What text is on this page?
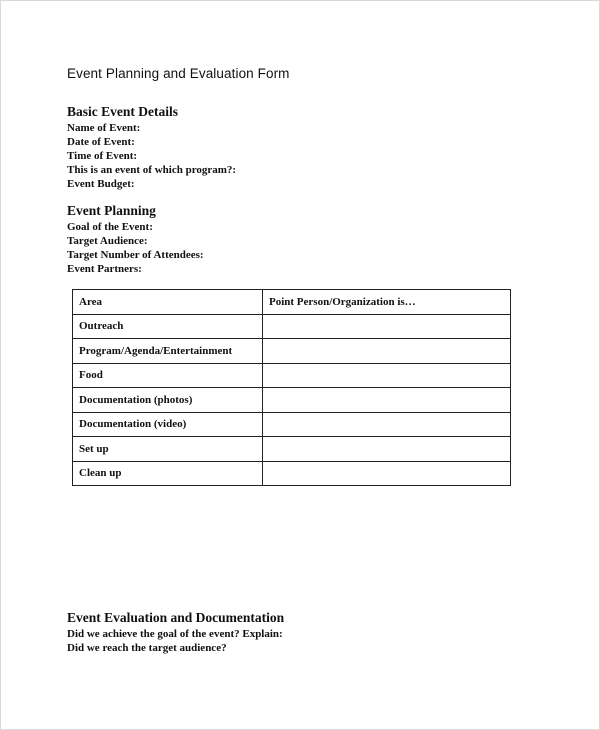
Event Planning and Evaluation Form
Basic Event Details
Name of Event:
Date of Event:
Time of Event:
This is an event of which program?:
Event Budget:
Event Planning
Goal of the Event:
Target Audience:
Target Number of Attendees:
Event Partners:
Area	Point Person/Organization is…
Outreach	
Program/Agenda/Entertainment	
Food	
Documentation (photos)	
Documentation (video)	
Set up	
Clean up	
Event Evaluation and Documentation
Did we achieve the goal of the event? Explain:
Did we reach the target audience?
